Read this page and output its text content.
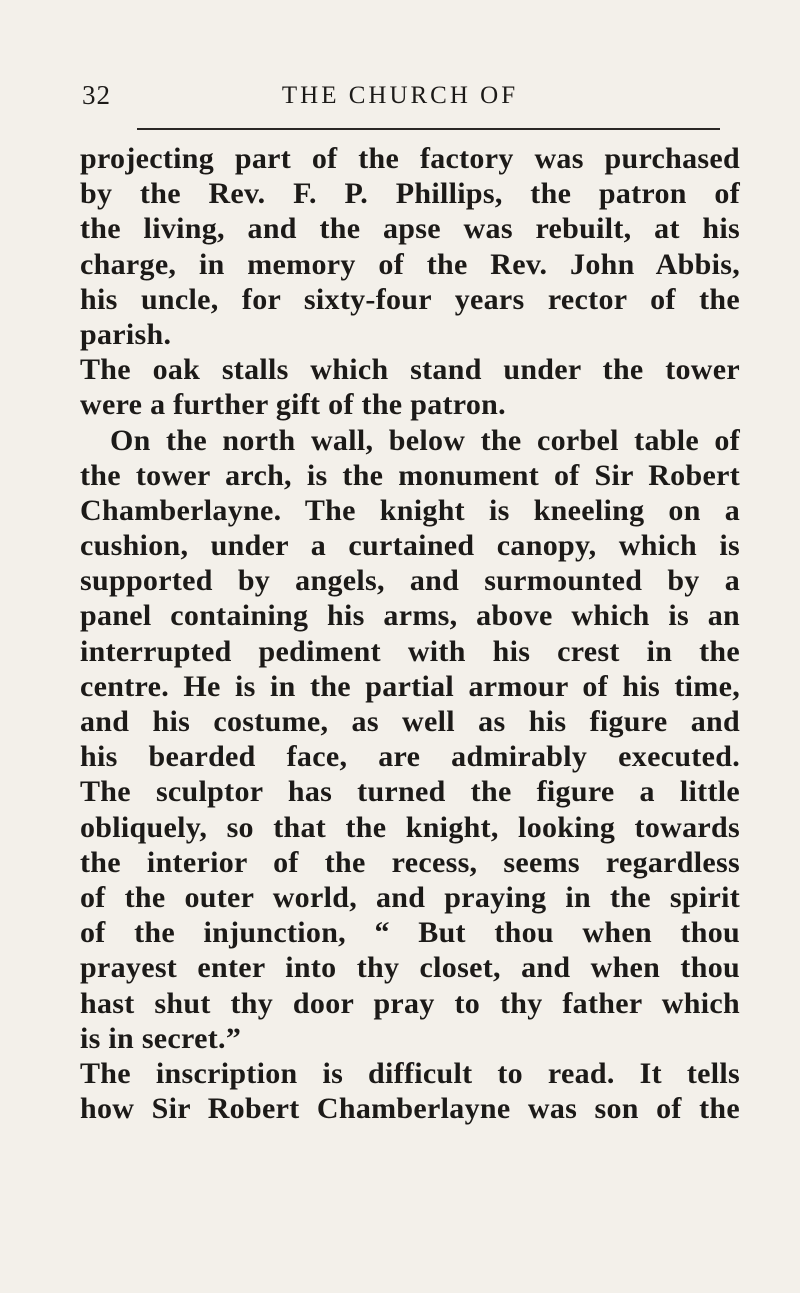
32	THE CHURCH OF
projecting part of the factory was purchased
by the Rev. F. P. Phillips, the patron of
the living, and the apse was rebuilt, at his
charge, in memory of the Rev. John Abbis,
his uncle, for sixty-four years rector of the
parish.
The oak stalls which stand under the tower
were a further gift of the patron.
On the north wall, below the corbel table of
the tower arch, is the monument of Sir Robert
Chamberlayne. The knight is kneeling on a
cushion, under a curtained canopy, which is
supported by angels, and surmounted by a
panel containing his arms, above which is an
interrupted pediment with his crest in the
centre. He is in the partial armour of his time,
and his costume, as well as his figure and
his bearded face, are admirably executed.
The sculptor has turned the figure a little
obliquely, so that the knight, looking towards
the interior of the recess, seems regardless
of the outer world, and praying in the spirit
of the injunction, “ But thou when thou
prayest enter into thy closet, and when thou
hast shut thy door pray to thy father which
is in secret.”
The inscription is difficult to read. It tells
how Sir Robert Chamberlayne was son of the
